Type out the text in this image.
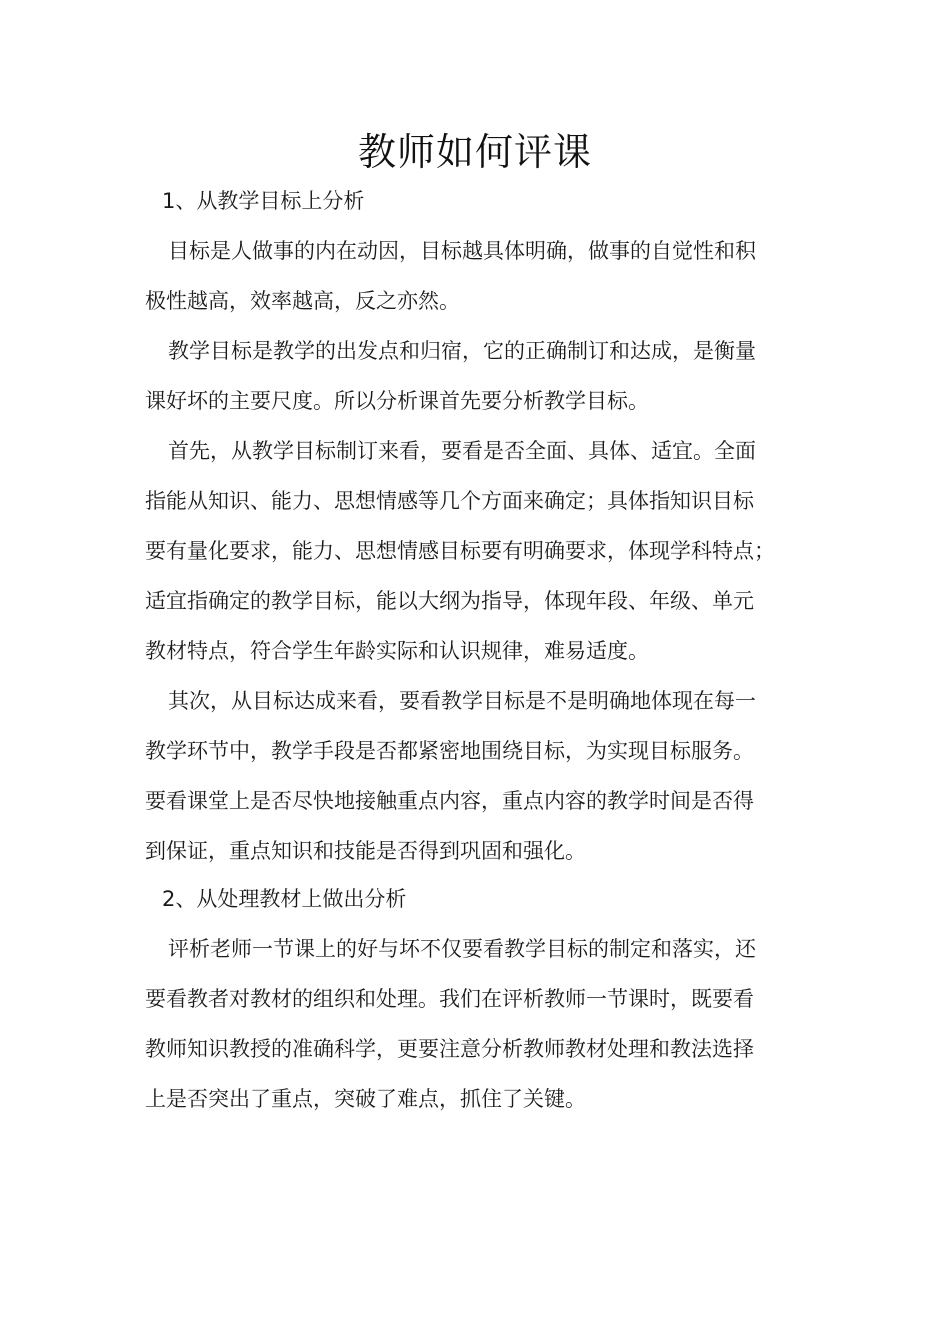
教师如何评课
1、从教学目标上分析
目标是人做事的内在动因，目标越具体明确，做事的自觉性和积
极性越高，效率越高，反之亦然。
教学目标是教学的出发点和归宿，它的正确制订和达成，是衡量
课好坏的主要尺度。所以分析课首先要分析教学目标。
首先，从教学目标制订来看，要看是否全面、具体、适宜。全面
指能从知识、能力、思想情感等几个方面来确定；具体指知识目标
要有量化要求，能力、思想情感目标要有明确要求，体现学科特点；
适宜指确定的教学目标，能以大纲为指导，体现年段、年级、单元
教材特点，符合学生年龄实际和认识规律，难易适度。
其次，从目标达成来看，要看教学目标是不是明确地体现在每一
教学环节中，教学手段是否都紧密地围绕目标，为实现目标服务。
要看课堂上是否尽快地接触重点内容，重点内容的教学时间是否得
到保证，重点知识和技能是否得到巩固和强化。
2、从处理教材上做出分析
评析老师一节课上的好与坏不仅要看教学目标的制定和落实，还
要看教者对教材的组织和处理。我们在评析教师一节课时，既要看
教师知识教授的准确科学，更要注意分析教师教材处理和教法选择
上是否突出了重点，突破了难点，抓住了关键。
